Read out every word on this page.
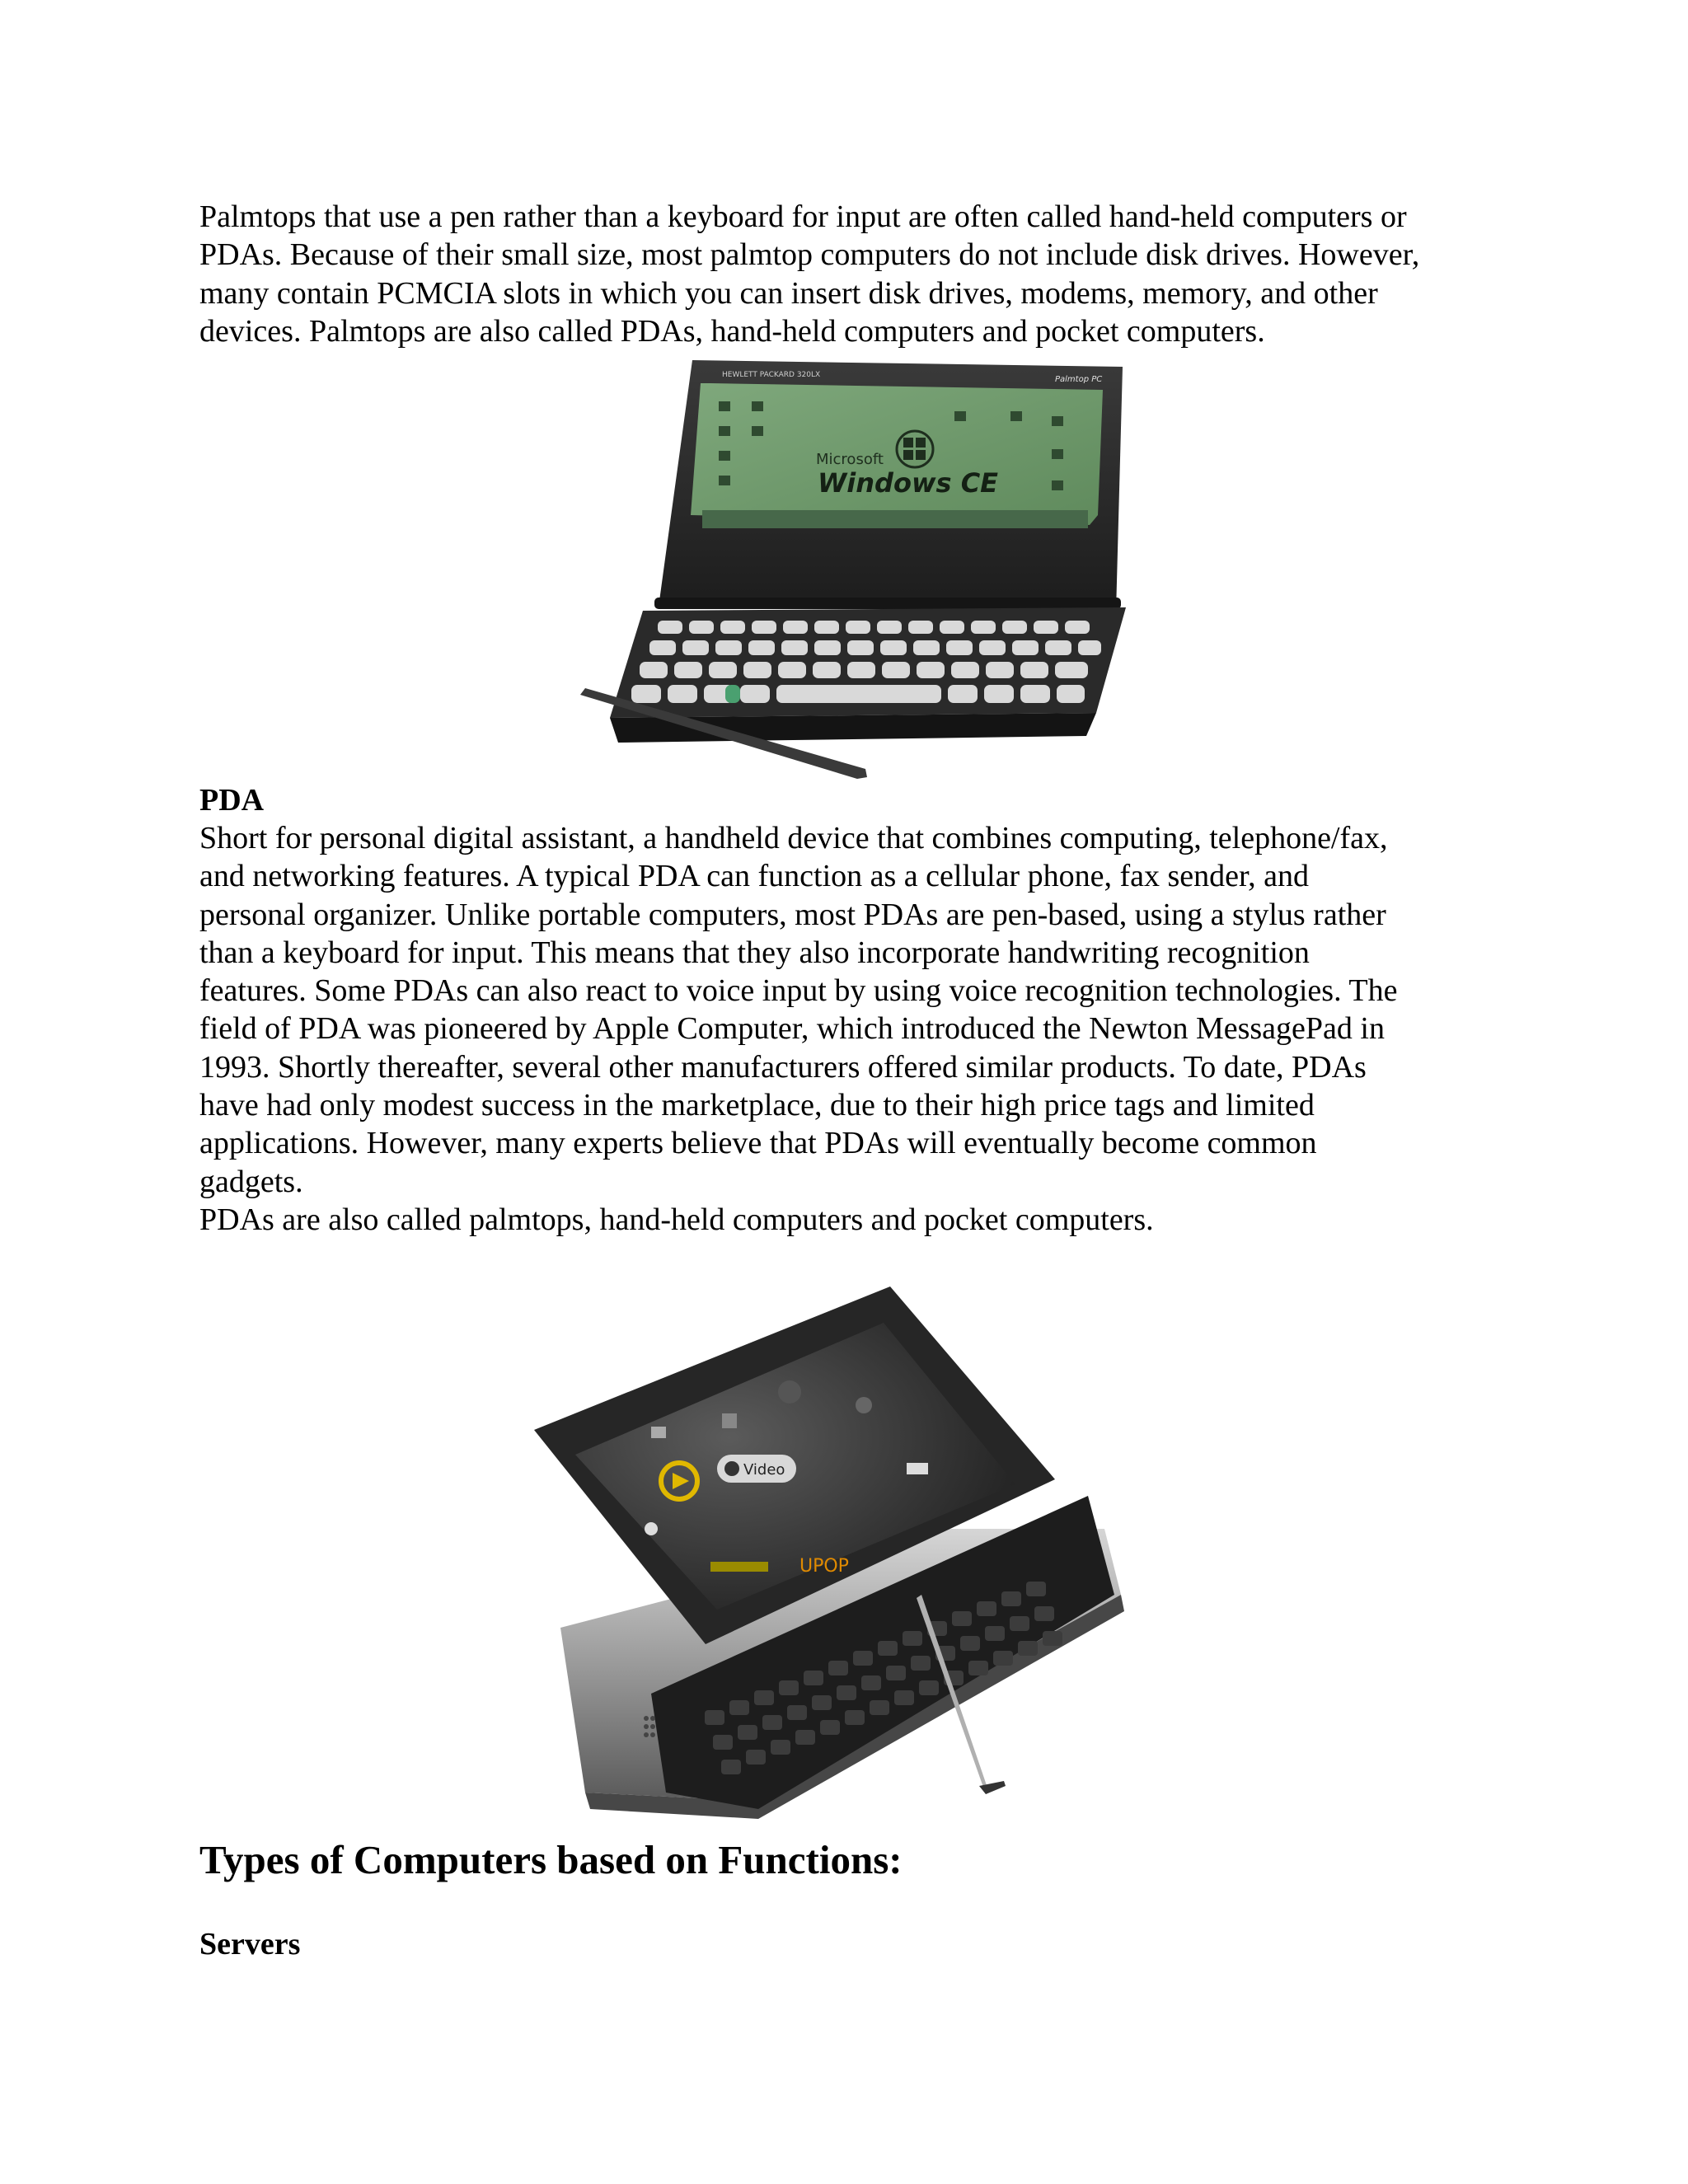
Palmtops that use a pen rather than a keyboard for input are often called hand-held computers or
PDAs. Because of their small size, most palmtop computers do not include disk drives. However,
many contain PCMCIA slots in which you can insert disk drives, modems, memory, and other
devices. Palmtops are also called PDAs, hand-held computers and pocket computers.

HEWLETT PACKARD 320LX	Palmtop PC
Microsoft
Windows CE
PDA

Short for personal digital assistant, a handheld device that combines computing, telephone/fax,
and networking features. A typical PDA can function as a cellular phone, fax sender, and
personal organizer. Unlike portable computers, most PDAs are pen-based, using a stylus rather
than a keyboard for input. This means that they also incorporate handwriting recognition
features. Some PDAs can also react to voice input by using voice recognition technologies. The
field of PDA was pioneered by Apple Computer, which introduced the Newton MessagePad in
1993. Shortly thereafter, several other manufacturers offered similar products. To date, PDAs
have had only modest success in the marketplace, due to their high price tags and limited
applications. However, many experts believe that PDAs will eventually become common
gadgets.
PDAs are also called palmtops, hand-held computers and pocket computers.

Video
UPOP
Types of Computers based on Functions:
Servers
